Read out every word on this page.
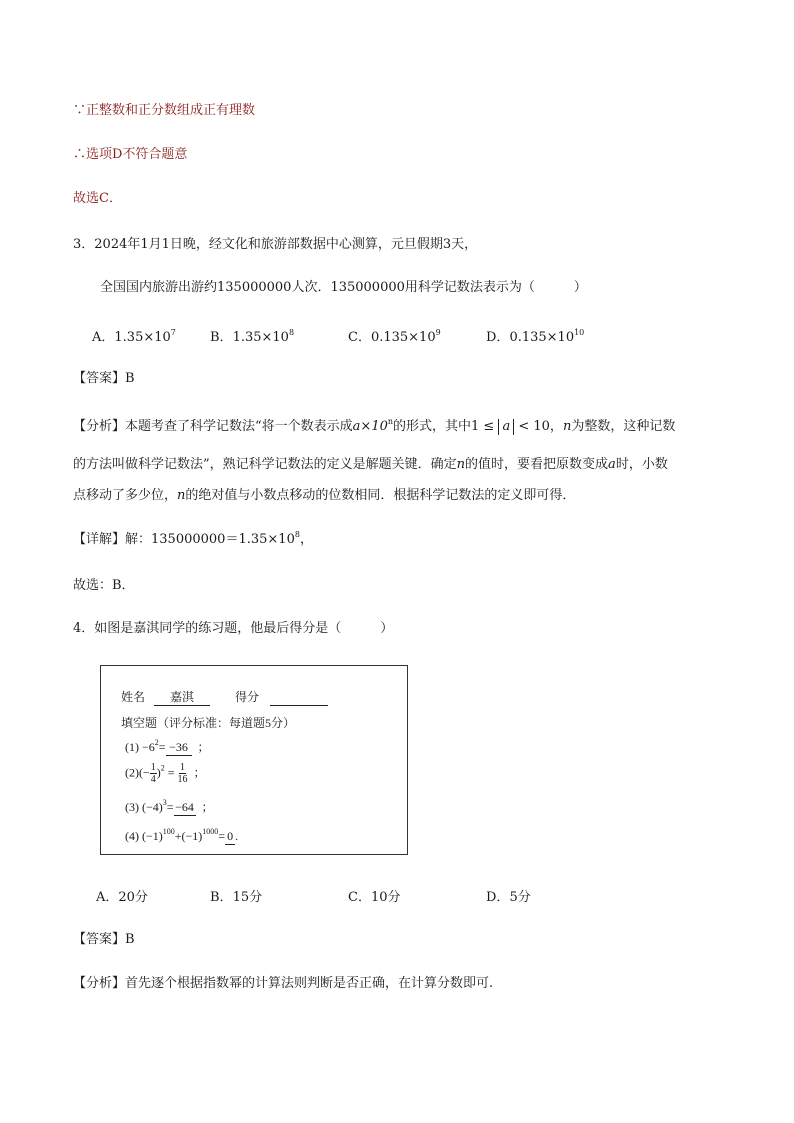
∵正整数和正分数组成正有理数
∴选项D不符合题意
故选C．
3．2024年1月1日晚，经文化和旅游部数据中心测算，元旦假期3天，
全国国内旅游出游约135000000人次．135000000用科学记数法表示为（　　　）
A．$1.35\times 10^7$	B．$1.35\times 10^8$	C．$0.135\times 10^9$	D．$0.135\times 10^{10}$
【答案】B
【分析】本题考查了科学记数法“将一个数表示成$a\times 10^n$的形式，其中1 ≤ a < 10，n为整数，这种记数
的方法叫做科学记数法”，熟记科学记数法的定义是解题关键．确定n的值时，要看把原数变成a时，小数
点移动了多少位，n的绝对值与小数点移动的位数相同．根据科学记数法的定义即可得．
【详解】解：$135000000=1.35\times 10^8$，
故选：B．
4．如图是嘉淇同学的练习题，他最后得分是（　　　）
姓名 嘉淇	得分
填空题（评分标准：每道题5分）
$(1) -6^2= -36$ ；
$(2)(- \frac{1}{4} )^2 = \frac{1}{16}$ ；
(3) $(-4)^3= -64$ ；
(4) $(-1)^{100}+(-1)^{1000}= 0$ .
A．20分	B．15分	C．10分	D．5分
【答案】B
【分析】首先逐个根据指数幂的计算法则判断是否正确，在计算分数即可.
